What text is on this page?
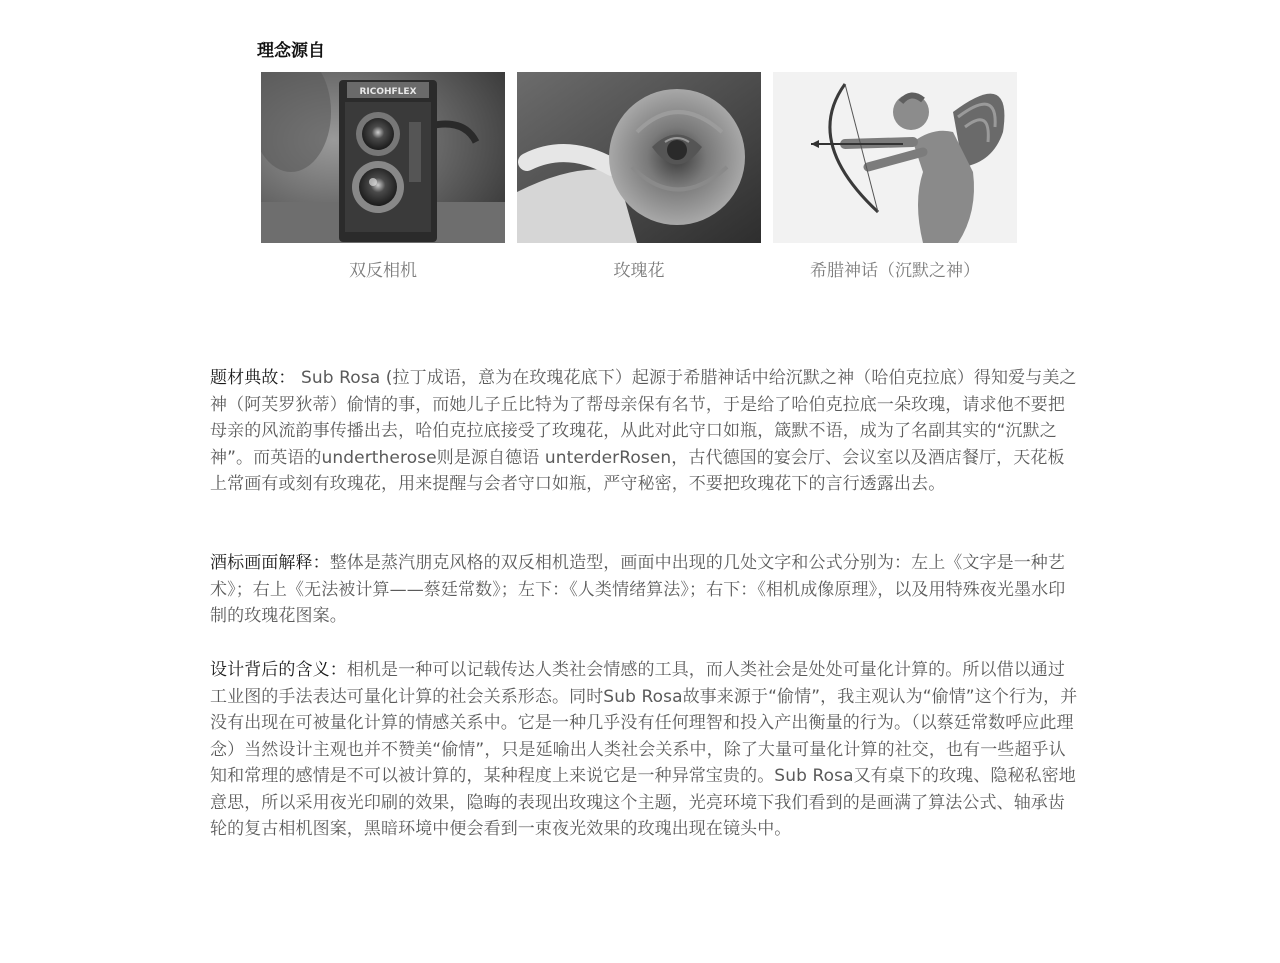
理念源自
RICOHFLEX
双反相机	玫瑰花	希腊神话（沉默之神）

题材典故： Sub Rosa (拉丁成语，意为在玫瑰花底下）起源于希腊神话中给沉默之神（哈伯克拉底）得知爱与美之神（阿芙罗狄蒂）偷情的事，而她儿子丘比特为了帮母亲保有名节，于是给了哈伯克拉底一朵玫瑰，请求他不要把母亲的风流韵事传播出去，哈伯克拉底接受了玫瑰花，从此对此守口如瓶，箴默不语，成为了名副其实的“沉默之神”。而英语的undertherose则是源自德语 unterderRosen，古代德国的宴会厅、会议室以及酒店餐厅，天花板上常画有或刻有玫瑰花，用来提醒与会者守口如瓶，严守秘密，不要把玫瑰花下的言行透露出去。

酒标画面解释：整体是蒸汽朋克风格的双反相机造型，画面中出现的几处文字和公式分别为：左上《文字是一种艺术》；右上《无法被计算——蔡廷常数》；左下：《人类情绪算法》；右下：《相机成像原理》，以及用特殊夜光墨水印制的玫瑰花图案。

设计背后的含义：相机是一种可以记载传达人类社会情感的工具，而人类社会是处处可量化计算的。所以借以通过工业图的手法表达可量化计算的社会关系形态。同时Sub Rosa故事来源于“偷情”，我主观认为“偷情”这个行为，并没有出现在可被量化计算的情感关系中。它是一种几乎没有任何理智和投入产出衡量的行为。（以蔡廷常数呼应此理念）当然设计主观也并不赞美“偷情”，只是延喻出人类社会关系中，除了大量可量化计算的社交，也有一些超乎认知和常理的感情是不可以被计算的，某种程度上来说它是一种异常宝贵的。Sub Rosa又有桌下的玫瑰、隐秘私密地意思，所以采用夜光印刷的效果，隐晦的表现出玫瑰这个主题，光亮环境下我们看到的是画满了算法公式、轴承齿轮的复古相机图案，黑暗环境中便会看到一束夜光效果的玫瑰出现在镜头中。
